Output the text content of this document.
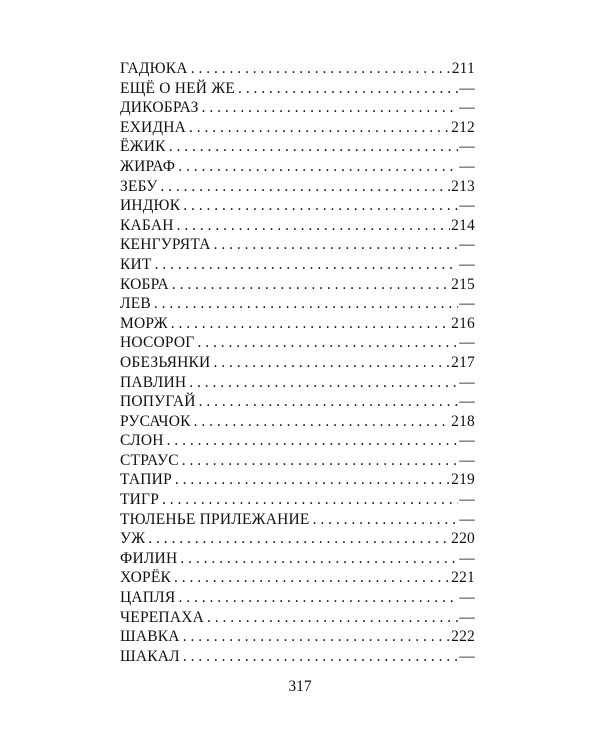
ГАДЮКА . . .	211
ЕЩЁ О НЕЙ ЖЕ . . .	—
ДИКОБРАЗ . . .	—
ЕХИДНА . . .	212
ЁЖИК . . .	—
ЖИРАФ . . .	—
ЗЕБУ . . .	213
ИНДЮК . . .	—
КАБАН . . .	214
КЕНГУРЯТА . . .	—
КИТ . . .	—
КОБРА . . .	215
ЛЕВ . . .	—
МОРЖ . . .	216
НОСОРОГ . . .	—
ОБЕЗЬЯНКИ . . .	217
ПАВЛИН . . .	—
ПОПУГАЙ . . .	—
РУСАЧОК . . .	218
СЛОН . . .	—
СТРАУС . . .	—
ТАПИР . . .	219
ТИГР . . .	—
ТЮЛЕНЬЕ ПРИЛЕЖАНИЕ . . .	—
УЖ . . .	220
ФИЛИН . . .	—
ХОРЁК . . .	221
ЦАПЛЯ . . .	—
ЧЕРЕПАХА . . .	—
ШАВКА . . .	222
ШАКАЛ . . .	—
317
